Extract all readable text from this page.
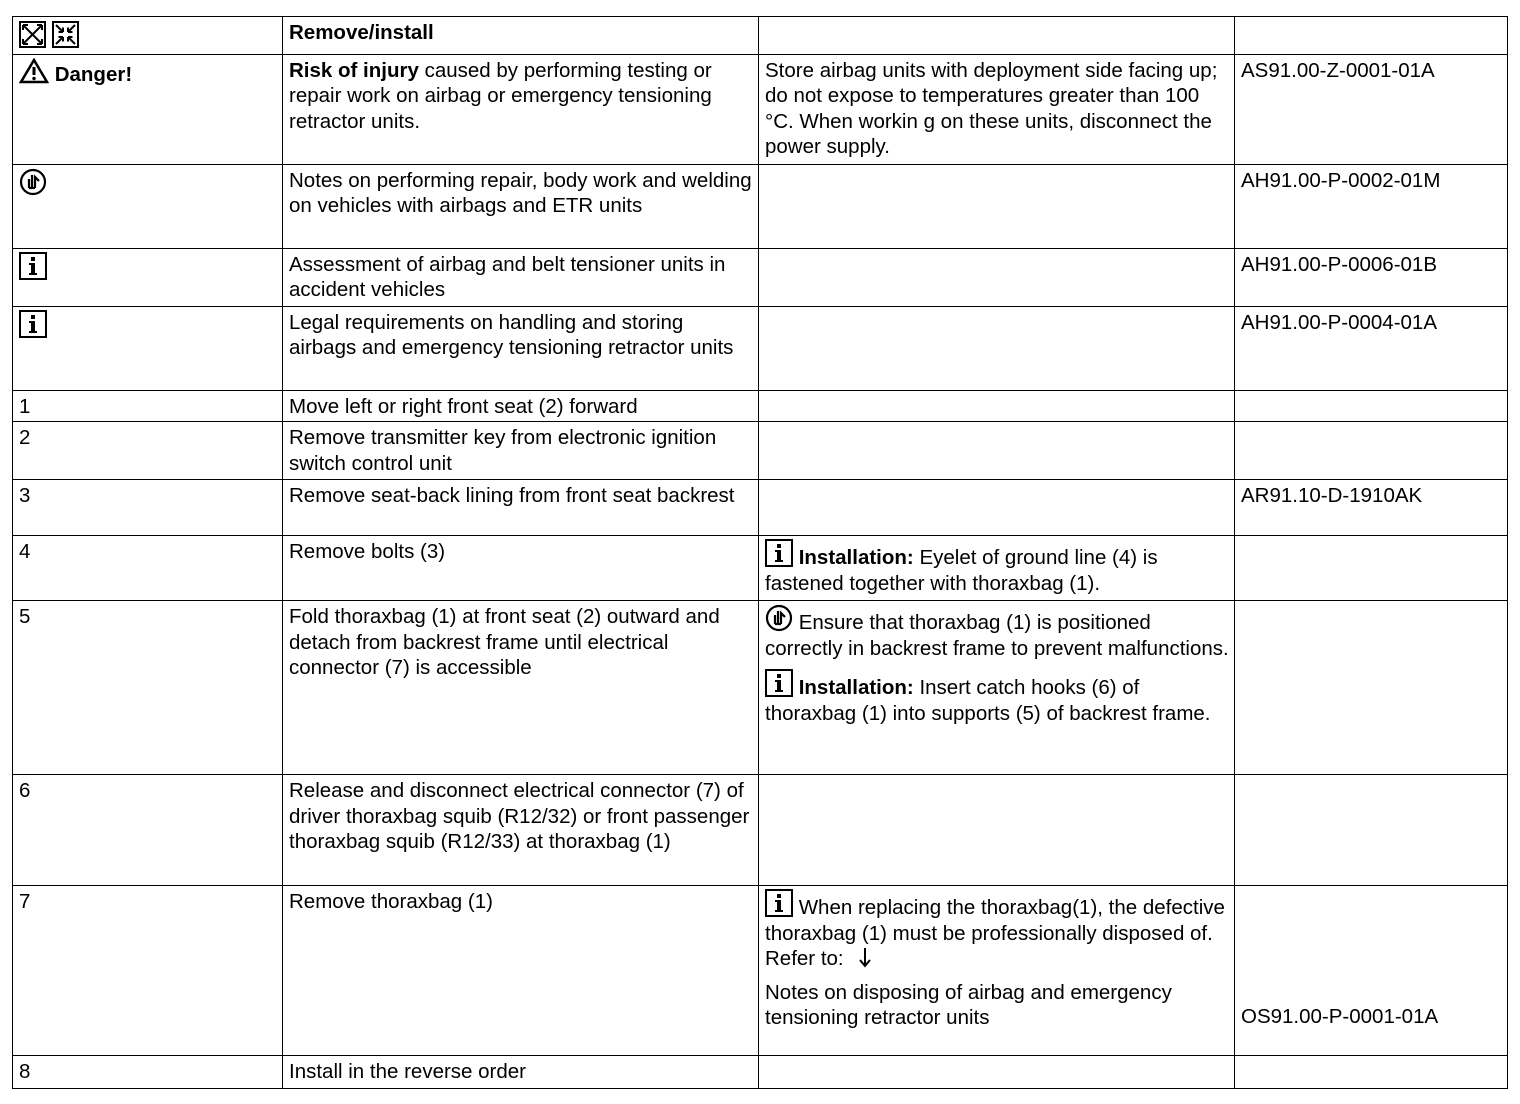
	Remove/install		
Danger!	Risk of injury caused by performing testing or repair work on airbag or emergency tensioning retractor units.	Store airbag units with deployment side facing up; do not expose to temperatures greater than 100 °C. When workin g on these units, disconnect the power supply.	AS91.00-Z-0001-01A
	Notes on performing repair, body work and welding on vehicles with airbags and ETR units		AH91.00-P-0002-01M
	Assessment of airbag and belt tensioner units in accident vehicles		AH91.00-P-0006-01B
	Legal requirements on handling and storing airbags and emergency tensioning retractor units		AH91.00-P-0004-01A
1	Move left or right front seat (2) forward		
2	Remove transmitter key from electronic ignition switch control unit		
3	Remove seat-back lining from front seat backrest		AR91.10-D-1910AK
4	Remove bolts (3)	Installation: Eyelet of ground line (4) is fastened together with thoraxbag (1).	
5	Fold thoraxbag (1) at front seat (2) outward and detach from backrest frame until electrical connector (7) is accessible	Ensure that thoraxbag (1) is positioned correctly in backrest frame to prevent malfunctions.
Installation: Insert catch hooks (6) of thoraxbag (1) into supports (5) of backrest frame.	

6	Release and disconnect electrical connector (7) of driver thoraxbag squib (R12/32) or front passenger thoraxbag squib (R12/33) at thoraxbag (1)		
7	Remove thoraxbag (1)	When replacing the thoraxbag(1), the defective thoraxbag (1) must be professionally disposed of.
Refer to:
Notes on disposing of airbag and emergency tensioning retractor units	OS91.00-P-0001-01A
8	Install in the reverse order		
